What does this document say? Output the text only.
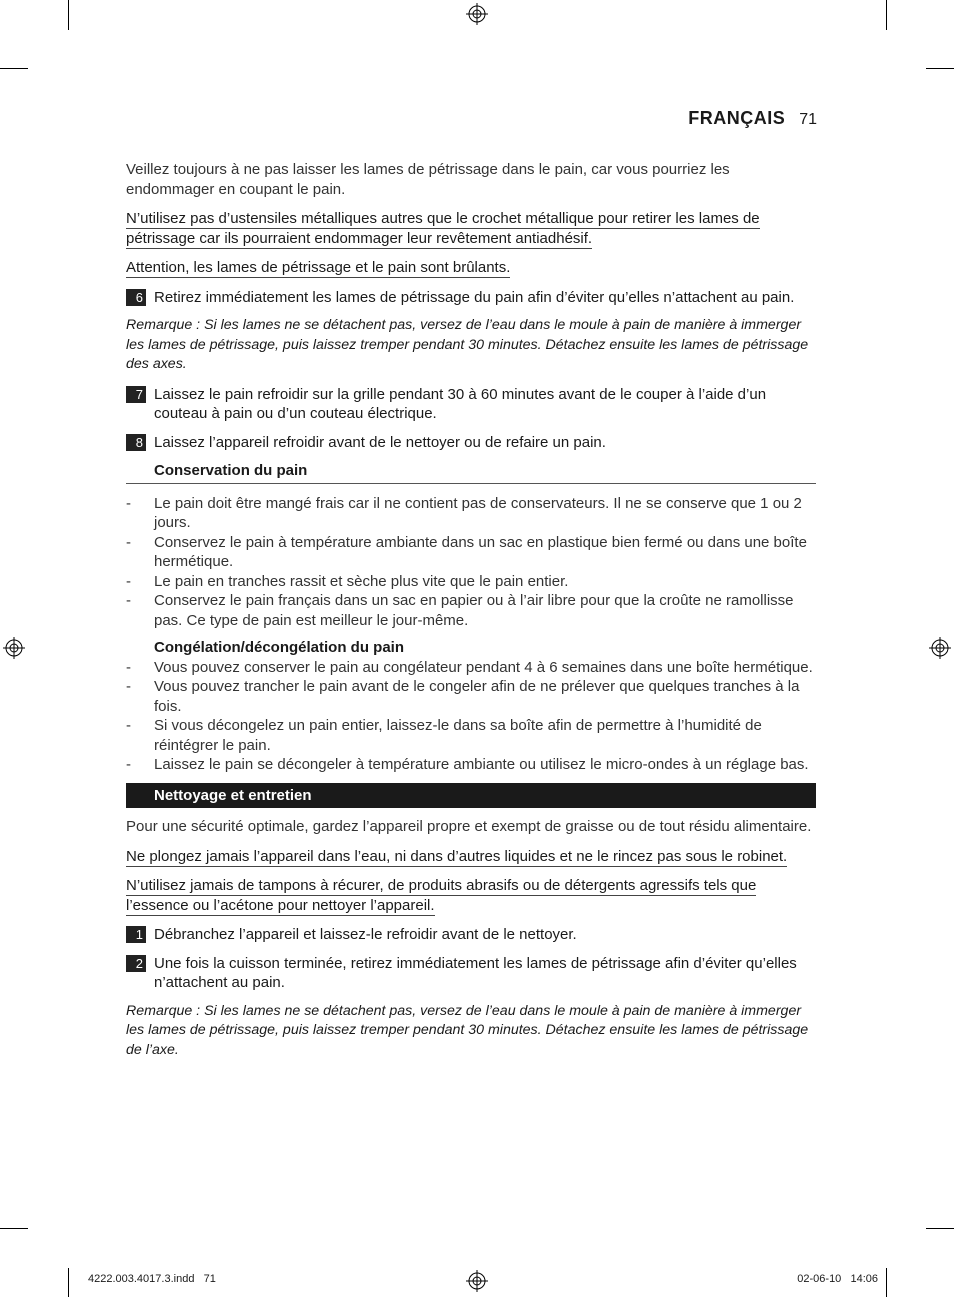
FRANÇAIS 71

Veillez toujours à ne pas laisser les lames de pétrissage dans le pain, car vous pourriez les endommager en coupant le pain.

N’utilisez pas d’ustensiles métalliques autres que le crochet métallique pour retirer les lames de pétrissage car ils pourraient endommager leur revêtement antiadhésif.

Attention, les lames de pétrissage et le pain sont brûlants.

6 Retirez immédiatement les lames de pétrissage du pain afin d’éviter qu’elles n’attachent au pain.

Remarque : Si les lames ne se détachent pas, versez de l’eau dans le moule à pain de manière à immerger les lames de pétrissage, puis laissez tremper pendant 30 minutes. Détachez ensuite les lames de pétrissage des axes.

7 Laissez le pain refroidir sur la grille pendant 30 à 60 minutes avant de le couper à l’aide d’un couteau à pain ou d’un couteau électrique.
8 Laissez l’appareil refroidir avant de le nettoyer ou de refaire un pain.
Conservation du pain
- Le pain doit être mangé frais car il ne contient pas de conservateurs. Il ne se conserve que 1 ou 2 jours.
- Conservez le pain à température ambiante dans un sac en plastique bien fermé ou dans une boîte hermétique.
- Le pain en tranches rassit et sèche plus vite que le pain entier.
- Conservez le pain français dans un sac en papier ou à l’air libre pour que la croûte ne ramollisse pas. Ce type de pain est meilleur le jour-même.
Congélation/décongélation du pain
- Vous pouvez conserver le pain au congélateur pendant 4 à 6 semaines dans une boîte hermétique.
- Vous pouvez trancher le pain avant de le congeler afin de ne prélever que quelques tranches à la fois.
- Si vous décongelez un pain entier, laissez-le dans sa boîte afin de permettre à l’humidité de réintégrer le pain.
- Laissez le pain se décongeler à température ambiante ou utilisez le micro-ondes à un réglage bas.
Nettoyage et entretien

Pour une sécurité optimale, gardez l’appareil propre et exempt de graisse ou de tout résidu alimentaire.

Ne plongez jamais l’appareil dans l’eau, ni dans d’autres liquides et ne le rincez pas sous le robinet.

N’utilisez jamais de tampons à récurer, de produits abrasifs ou de détergents agressifs tels que l’essence ou l’acétone pour nettoyer l’appareil.

1 Débranchez l’appareil et laissez-le refroidir avant de le nettoyer.
2 Une fois la cuisson terminée, retirez immédiatement les lames de pétrissage afin d’éviter qu’elles n’attachent au pain.

Remarque : Si les lames ne se détachent pas, versez de l’eau dans le moule à pain de manière à immerger les lames de pétrissage, puis laissez tremper pendant 30 minutes. Détachez ensuite les lames de pétrissage de l’axe.

4222.003.4017.3.indd   71	02-06-10   14:06
